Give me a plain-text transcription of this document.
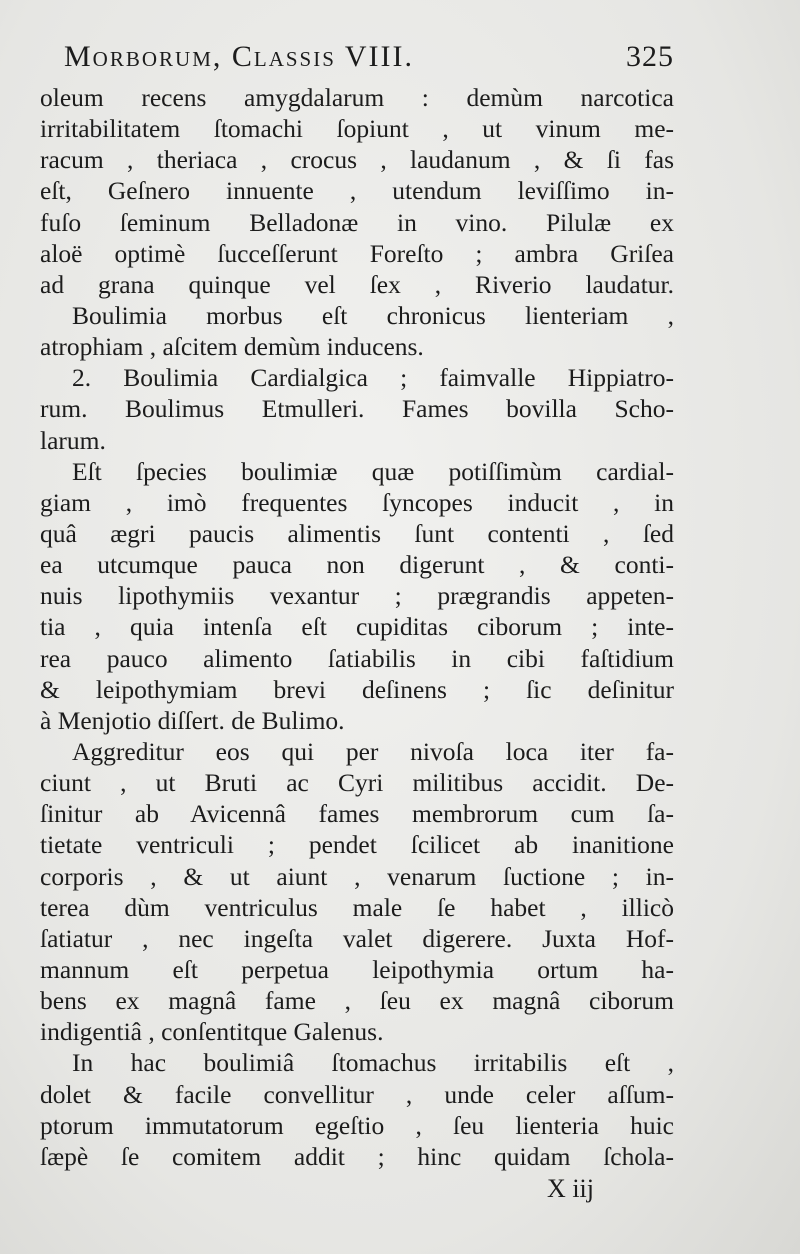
Morborum, Classis VIII.	325
oleum recens amygdalarum : demùm narcotica
irritabilitatem ſtomachi ſopiunt , ut vinum me-
racum , theriaca , crocus , laudanum , & ſi fas
eſt, Geſnero innuente , utendum leviſſimo in-
fuſo ſeminum Belladonæ in vino. Pilulæ ex
aloë optimè ſucceſſerunt Foreſto ; ambra Griſea
ad grana quinque vel ſex , Riverio laudatur.
Boulimia morbus eſt chronicus lienteriam ,
atrophiam , aſcitem demùm inducens.
2. Boulimia Cardialgica ; faimvalle Hippiatro-
rum. Boulimus Etmulleri. Fames bovilla Scho-
larum.
Eſt ſpecies boulimiæ quæ potiſſimùm cardial-
giam , imò frequentes ſyncopes inducit , in
quâ ægri paucis alimentis ſunt contenti , ſed
ea utcumque pauca non digerunt , & conti-
nuis lipothymiis vexantur ; prægrandis appeten-
tia , quia intenſa eſt cupiditas ciborum ; inte-
rea pauco alimento ſatiabilis in cibi faſtidium
& leipothymiam brevi deſinens ; ſic deſinitur
à Menjotio diſſert. de Bulimo.
Aggreditur eos qui per nivoſa loca iter fa-
ciunt , ut Bruti ac Cyri militibus accidit. De-
ſinitur ab Avicennâ fames membrorum cum ſa-
tietate ventriculi ; pendet ſcilicet ab inanitione
corporis , & ut aiunt , venarum ſuctione ; in-
terea dùm ventriculus male ſe habet , illicò
ſatiatur , nec ingeſta valet digerere. Juxta Hof-
mannum eſt perpetua leipothymia ortum ha-
bens ex magnâ fame , ſeu ex magnâ ciborum
indigentiâ , conſentitque Galenus.
In hac boulimiâ ſtomachus irritabilis eſt ,
dolet & facile convellitur , unde celer aſſum-
ptorum immutatorum egeſtio , ſeu lienteria huic
ſæpè ſe comitem addit ; hinc quidam ſchola-
X iij
